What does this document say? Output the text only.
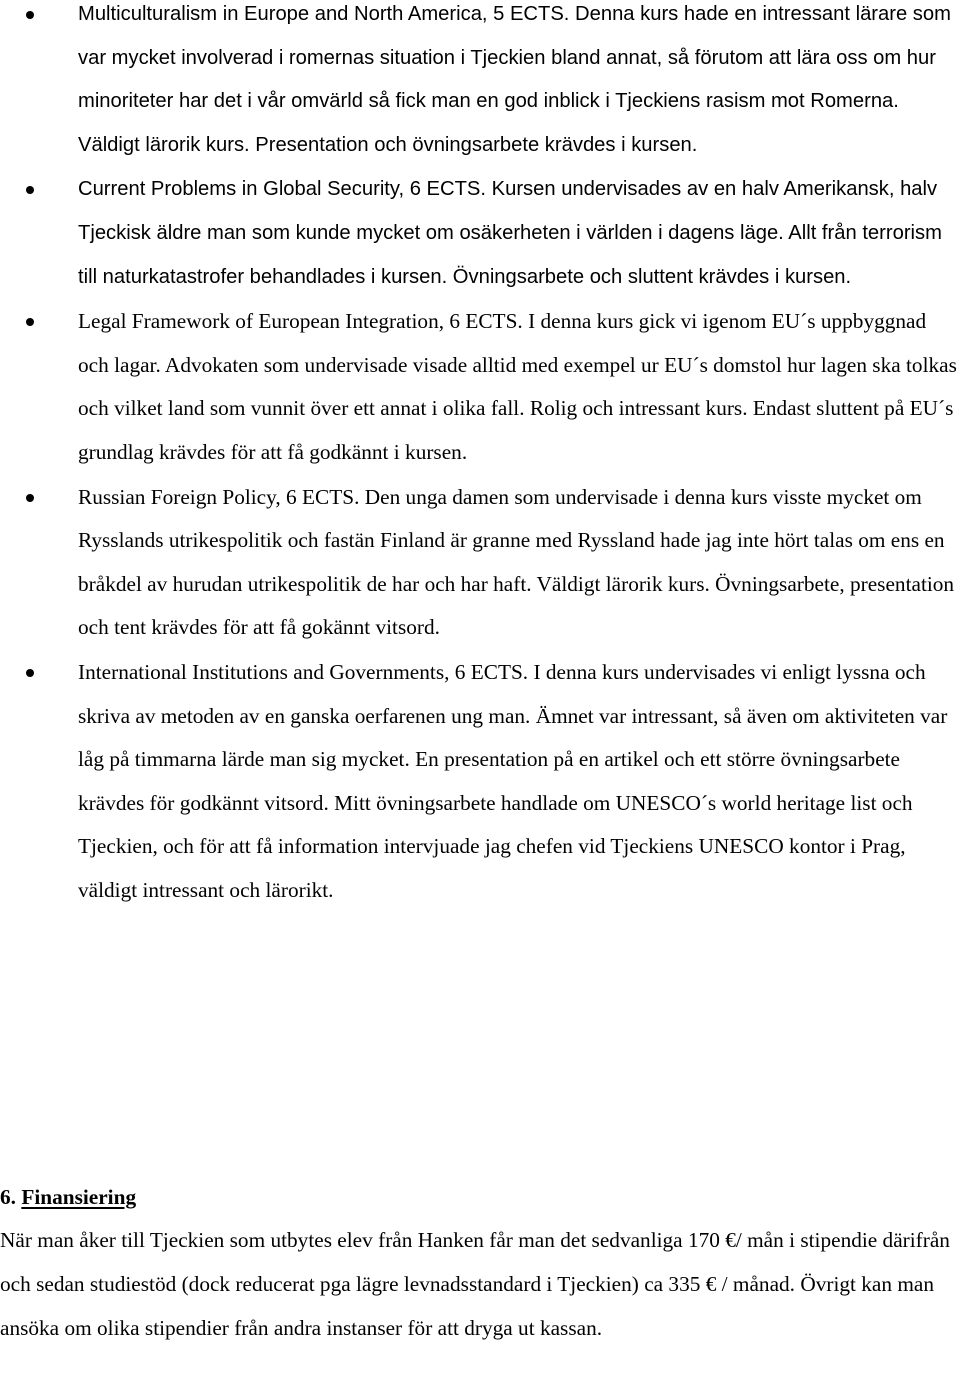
Multiculturalism in Europe and North America, 5 ECTS. Denna kurs hade en intressant lärare som var mycket involverad i romernas situation i Tjeckien bland annat, så förutom att lära oss om hur minoriteter har det i vår omvärld så fick man en god inblick i Tjeckiens rasism mot Romerna. Väldigt lärorik kurs. Presentation och övningsarbete krävdes i kursen.
Current Problems in Global Security, 6 ECTS. Kursen undervisades av en halv Amerikansk, halv Tjeckisk äldre man som kunde mycket om osäkerheten i världen i dagens läge. Allt från terrorism till naturkatastrofer behandlades i kursen. Övningsarbete och sluttent krävdes i kursen.
Legal Framework of European Integration, 6 ECTS. I denna kurs gick vi igenom EU´s uppbyggnad och lagar. Advokaten som undervisade visade alltid med exempel ur EU´s domstol hur lagen ska tolkas och vilket land som vunnit över ett annat i olika fall. Rolig och intressant kurs. Endast sluttent på EU´s grundlag krävdes för att få godkännt i kursen.
Russian Foreign Policy, 6 ECTS. Den unga damen som undervisade i denna kurs visste mycket om Rysslands utrikespolitik och fastän Finland är granne med Ryssland hade jag inte hört talas om ens en bråkdel av hurudan utrikespolitik de har och har haft. Väldigt lärorik kurs. Övningsarbete, presentation och tent krävdes för att få gokännt vitsord.
International Institutions and Governments, 6 ECTS. I denna kurs undervisades vi enligt lyssna och skriva av metoden av en ganska oerfarenen ung man. Ämnet var intressant, så även om aktiviteten var låg på timmarna lärde man sig mycket. En presentation på en artikel och ett större övningsarbete krävdes för godkännt vitsord. Mitt övningsarbete handlade om UNESCO´s world heritage list och Tjeckien, och för att få information intervjuade jag chefen vid Tjeckiens UNESCO kontor i Prag, väldigt intressant och lärorikt.

6. Finansiering

När man åker till Tjeckien som utbytes elev från Hanken får man det sedvanliga 170 €/ mån i stipendie därifrån och sedan studiestöd (dock reducerat pga lägre levnadsstandard i Tjeckien) ca 335 € / månad. Övrigt kan man ansöka om olika stipendier från andra instanser för att dryga ut kassan.
